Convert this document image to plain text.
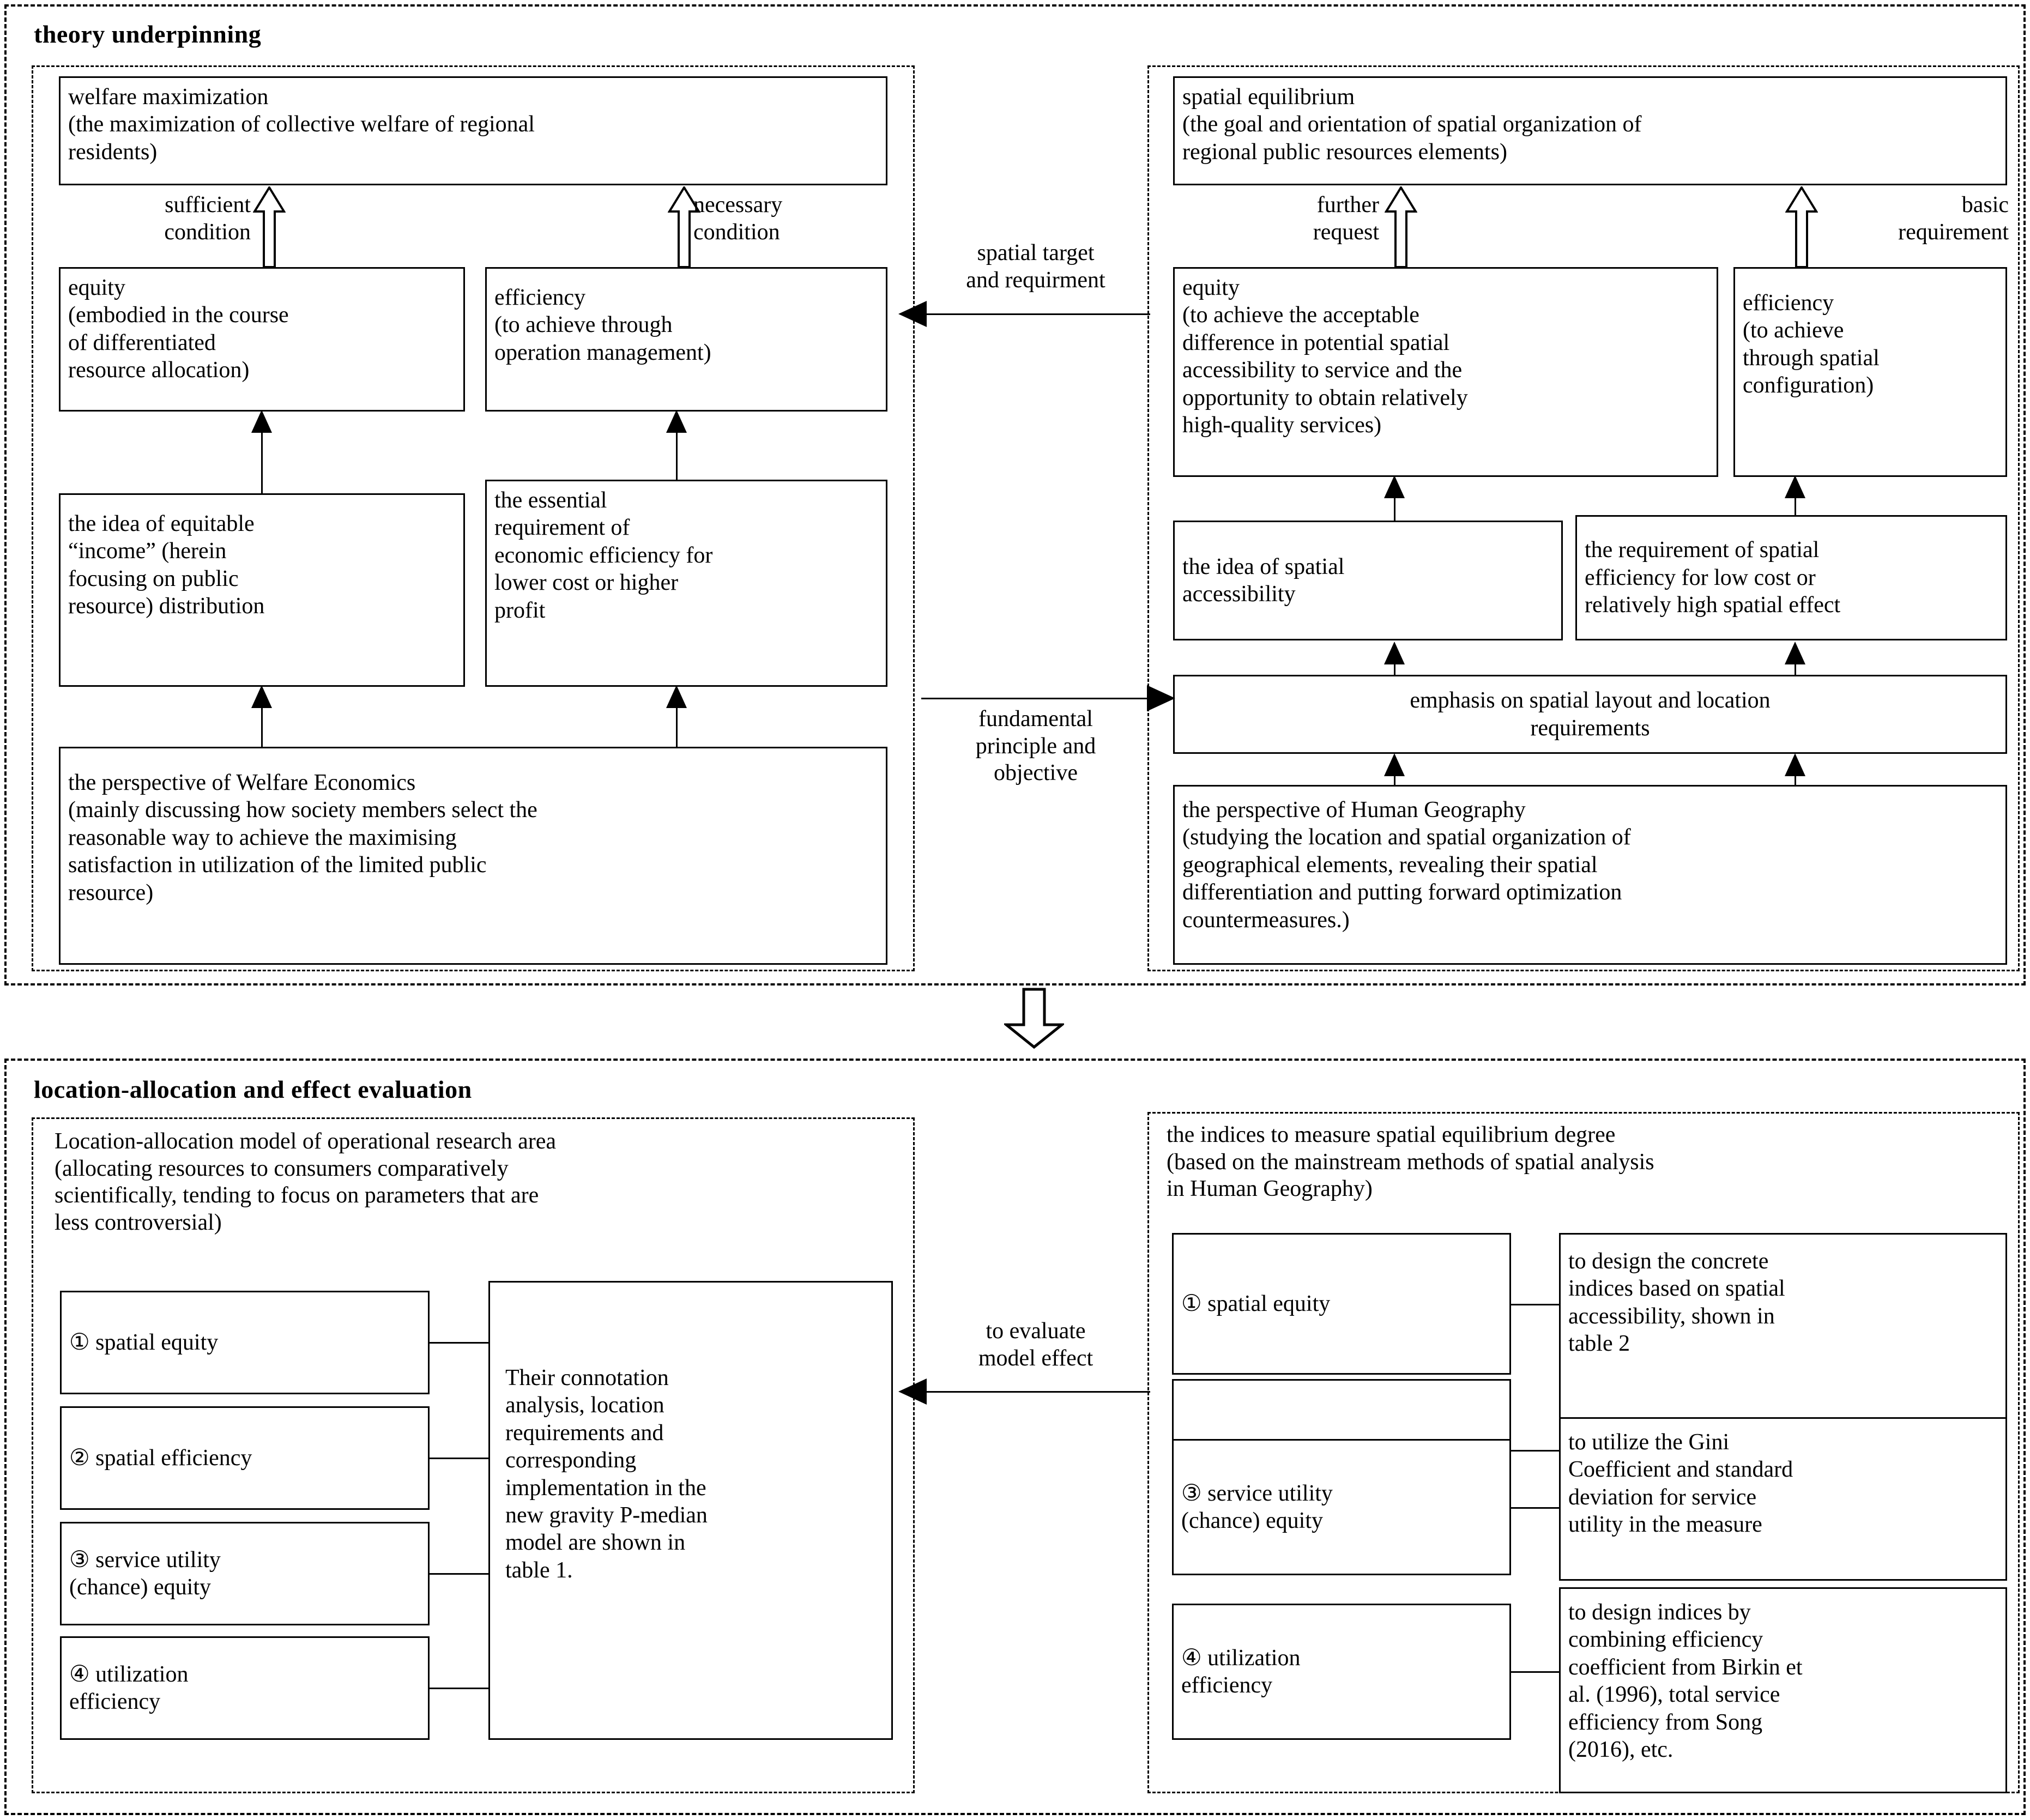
theory underpinning
welfare maximization
(the maximization of collective welfare of regional
residents)
sufficient
condition
necessary
condition
equity
(embodied in the course
of differentiated
resource allocation)
efficiency
(to achieve through
operation management)
the idea of equitable
“income” (herein
focusing on public
resource) distribution
the essential
requirement of
economic efficiency for
lower cost or higher
profit
the perspective of Welfare Economics
(mainly discussing how society members select the
reasonable way to achieve the maximising
satisfaction in utilization of the limited public
resource)
spatial equilibrium
(the goal and orientation of spatial organization of
regional public resources elements)
further
request
basic
requirement
equity
(to achieve the acceptable
difference in potential spatial
accessibility to service and the
opportunity to obtain relatively
high-quality services)
efficiency
(to achieve
through spatial
configuration)
the idea of spatial
accessibility
the requirement of spatial
efficiency for low cost or
relatively high spatial effect
emphasis on spatial layout and location
requirements
the perspective of Human Geography
(studying the location and spatial organization of
geographical elements, revealing their spatial
differentiation and putting forward optimization
countermeasures.)
spatial target
and requirment
fundamental
principle and
objective
location-allocation and effect evaluation
Location-allocation model of operational research area
(allocating resources to consumers comparatively
scientifically, tending to focus on parameters that are
less controversial)
① spatial equity
② spatial efficiency
③ service utility
(chance) equity
④ utilization
efficiency
Their connotation
analysis, location
requirements and
corresponding
implementation in the
new gravity P-median
model are shown in
table 1.
to evaluate
model effect
the indices to measure spatial equilibrium degree
(based on the mainstream methods of spatial analysis
in Human Geography)
① spatial equity
③ service utility
(chance) equity
④ utilization
efficiency
to design the concrete
indices based on spatial
accessibility, shown in
table 2
to utilize the Gini
Coefficient and standard
deviation for service
utility in the measure
to design indices by
combining efficiency
coefficient from Birkin et
al. (1996), total service
efficiency from Song
(2016), etc.
